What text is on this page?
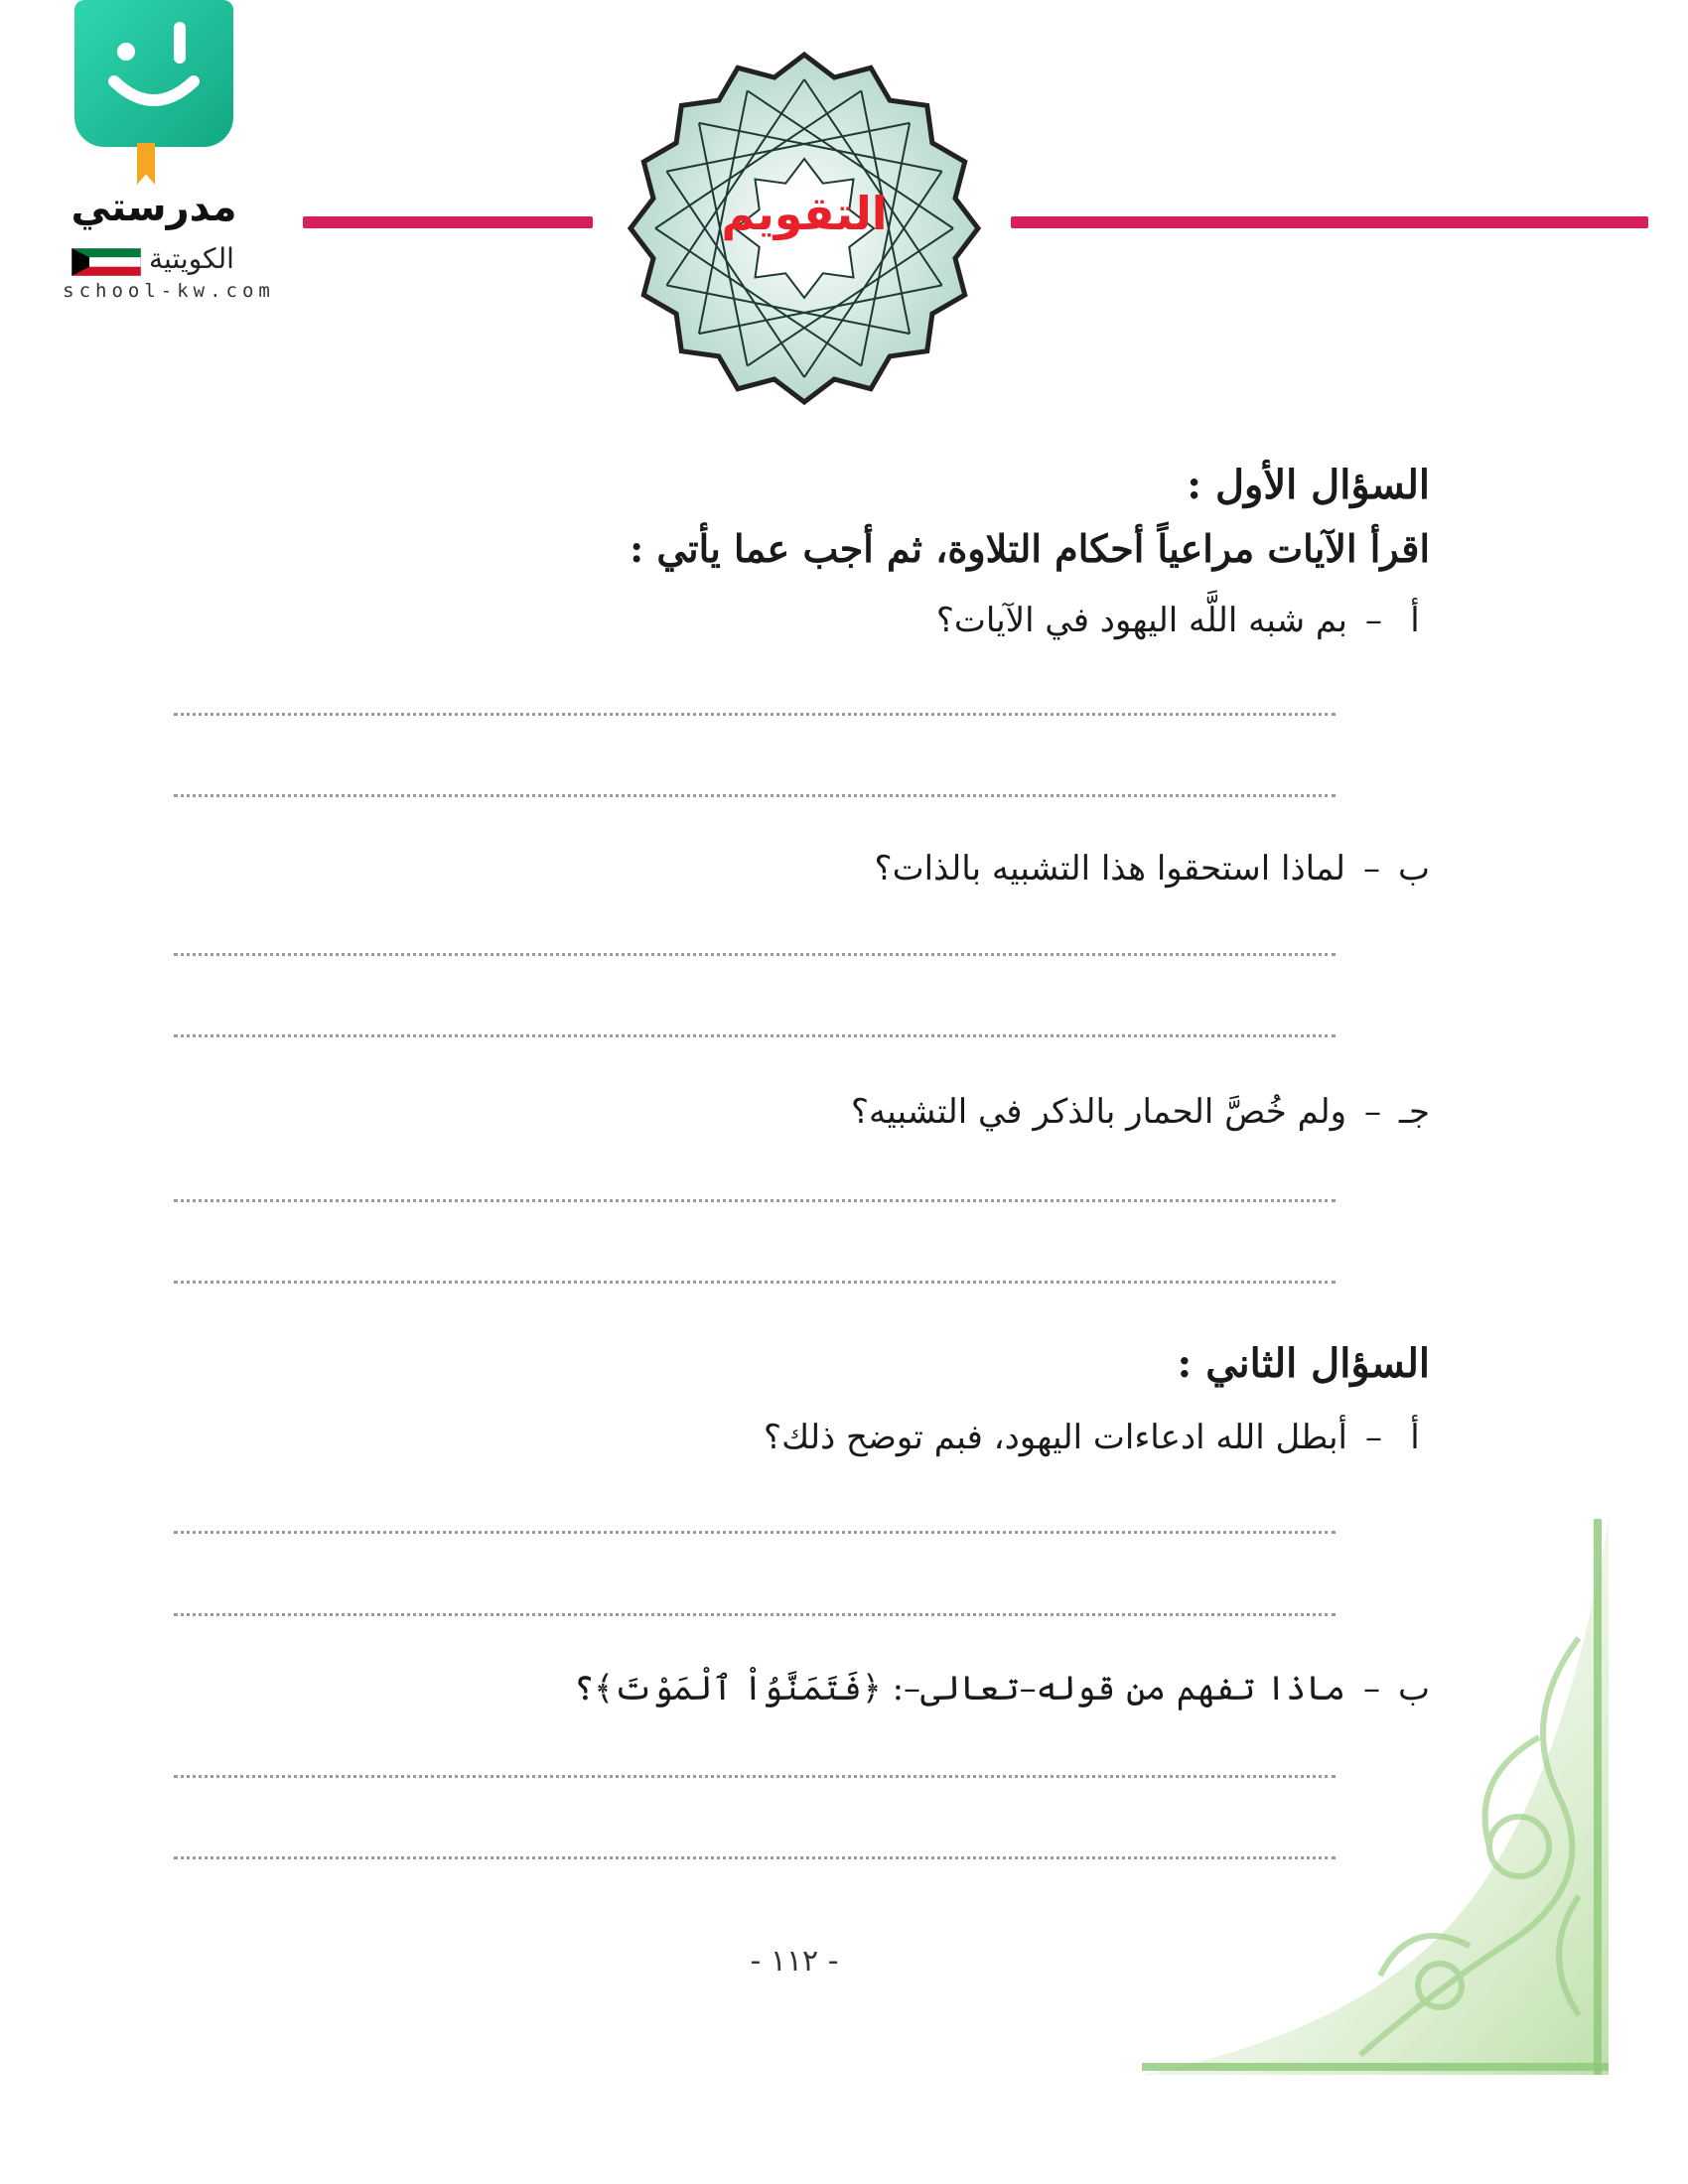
مدرستي
الكويتية
school-kw.com
التقويم
السؤال الأول :
اقرأ الآيات مراعياً أحكام التلاوة، ثم أجب عما يأتي :
أ–بم شبه اللَّه اليهود في الآيات؟
ب–لماذا استحقوا هذا التشبيه بالذات؟
جـ–ولم خُصَّ الحمار بالذكر في التشبيه؟
السؤال الثاني :
أ–أبطل الله ادعاءات اليهود، فبم توضح ذلك؟
ب–ماذا تفهم من قوله–تعالى–: ﴿فَتَمَنَّوُاْ ٱلْمَوْتَ﴾؟
- ١١٢ -
